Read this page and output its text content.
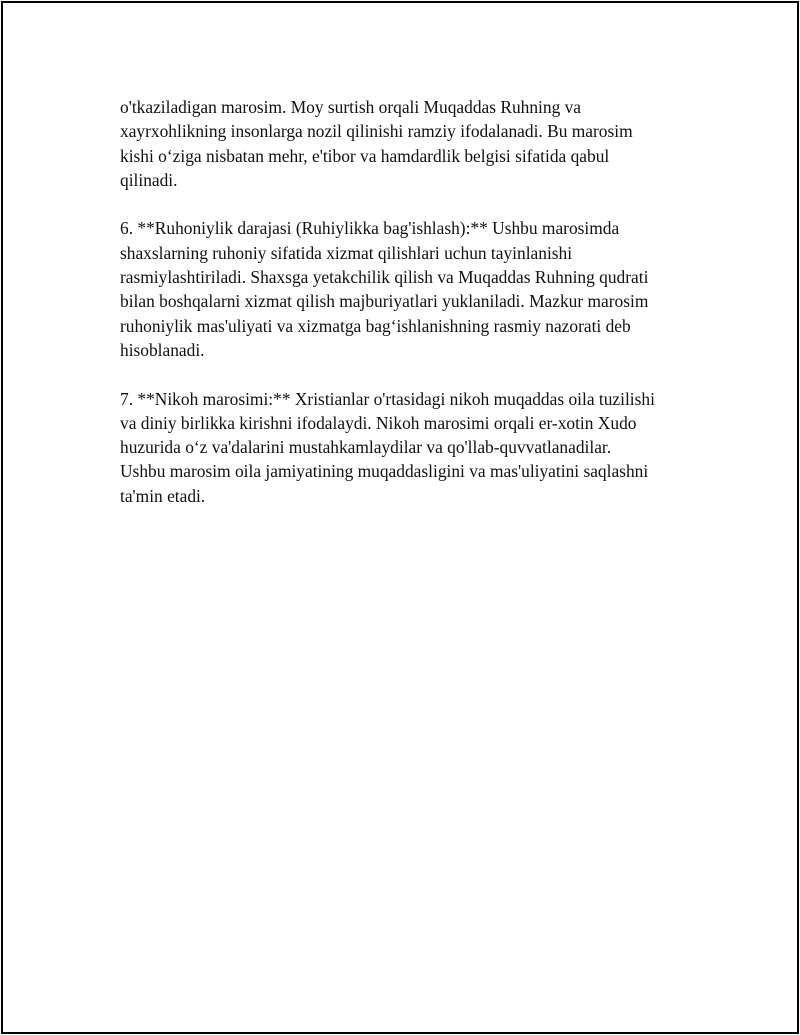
o'tkaziladigan marosim. Moy surtish orqali Muqaddas Ruhning va
xayrxohlikning insonlarga nozil qilinishi ramziy ifodalanadi. Bu marosim
kishi o‘ziga nisbatan mehr, e'tibor va hamdardlik belgisi sifatida qabul
qilinadi.

6. **Ruhoniylik darajasi (Ruhiylikka bag'ishlash):** Ushbu marosimda
shaxslarning ruhoniy sifatida xizmat qilishlari uchun tayinlanishi
rasmiylashtiriladi. Shaxsga yetakchilik qilish va Muqaddas Ruhning qudrati
bilan boshqalarni xizmat qilish majburiyatlari yuklaniladi. Mazkur marosim
ruhoniylik mas'uliyati va xizmatga bag‘ishlanishning rasmiy nazorati deb
hisoblanadi.

7. **Nikoh marosimi:** Xristianlar o'rtasidagi nikoh muqaddas oila tuzilishi
va diniy birlikka kirishni ifodalaydi. Nikoh marosimi orqali er-xotin Xudo
huzurida o‘z va'dalarini mustahkamlaydilar va qo'llab-quvvatlanadilar.
Ushbu marosim oila jamiyatining muqaddasligini va mas'uliyatini saqlashni
ta'min etadi.
